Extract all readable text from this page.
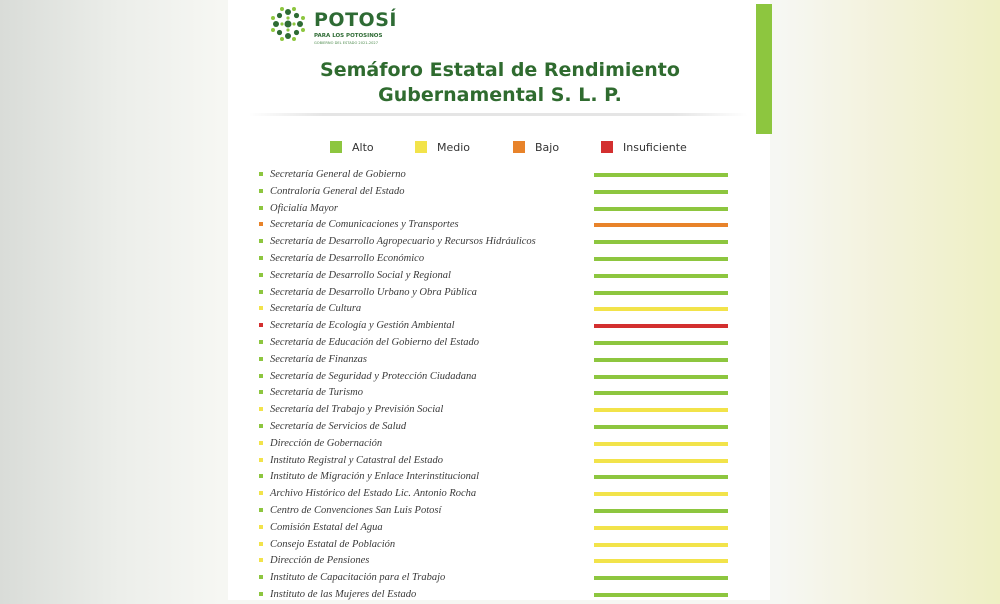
POTOSÍ
PARA LOS POTOSINOS
GOBIERNO DEL ESTADO 2021-2027
Semáforo Estatal de Rendimiento
Gubernamental S. L. P.
Alto	Medio	Bajo	Insuficiente
Secretaría General de Gobierno
Contraloría General del Estado
Oficialía Mayor
Secretaría de Comunicaciones y Transportes
Secretaría de Desarrollo Agropecuario y Recursos Hidráulicos
Secretaría de Desarrollo Económico
Secretaría de Desarrollo Social y Regional
Secretaría de Desarrollo Urbano y Obra Pública
Secretaría de Cultura
Secretaría de Ecología y Gestión Ambiental
Secretaría de Educación del Gobierno del Estado
Secretaría de Finanzas
Secretaría de Seguridad y Protección Ciudadana
Secretaría de Turismo
Secretaría del Trabajo y Previsión Social
Secretaría de Servicios de Salud
Dirección de Gobernación
Instituto Registral y Catastral del Estado
Instituto de Migración y Enlace Interinstitucional
Archivo Histórico del Estado Lic. Antonio Rocha
Centro de Convenciones San Luis Potosí
Comisión Estatal del Agua
Consejo Estatal de Población
Dirección de Pensiones
Instituto de Capacitación para el Trabajo
Instituto de las Mujeres del Estado
